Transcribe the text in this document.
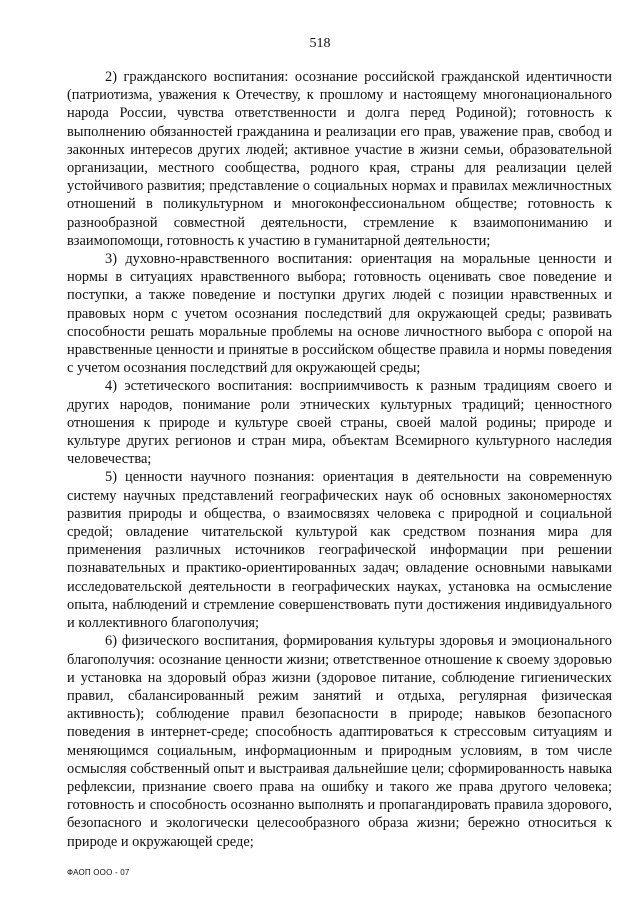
518

2) гражданского воспитания: осознание российской гражданской идентичности (патриотизма, уважения к Отечеству, к прошлому и настоящему многонационального народа России, чувства ответственности и долга перед Родиной); готовность к выполнению обязанностей гражданина и реализации его прав, уважение прав, свобод и законных интересов других людей; активное участие в жизни семьи, образовательной организации, местного сообщества, родного края, страны для реализации целей устойчивого развития; представление о социальных нормах и правилах межличностных отношений в поликультурном и многоконфессиональном обществе; готовность к разнообразной совместной деятельности, стремление к взаимопониманию и взаимопомощи, готовность к участию в гуманитарной деятельности;

3) духовно-нравственного воспитания: ориентация на моральные ценности и нормы в ситуациях нравственного выбора; готовность оценивать свое поведение и поступки, а также поведение и поступки других людей с позиции нравственных и правовых норм с учетом осознания последствий для окружающей среды; развивать способности решать моральные проблемы на основе личностного выбора с опорой на нравственные ценности и принятые в российском обществе правила и нормы поведения с учетом осознания последствий для окружающей среды;

4) эстетического воспитания: восприимчивость к разным традициям своего и других народов, понимание роли этнических культурных традиций; ценностного отношения к природе и культуре своей страны, своей малой родины; природе и культуре других регионов и стран мира, объектам Всемирного культурного наследия человечества;

5) ценности научного познания: ориентация в деятельности на современную систему научных представлений географических наук об основных закономерностях развития природы и общества, о взаимосвязях человека с природной и социальной средой; овладение читательской культурой как средством познания мира для применения различных источников географической информации при решении познавательных и практико-ориентированных задач; овладение основными навыками исследовательской деятельности в географических науках, установка на осмысление опыта, наблюдений и стремление совершенствовать пути достижения индивидуального и коллективного благополучия;

6) физического воспитания, формирования культуры здоровья и эмоционального благополучия: осознание ценности жизни; ответственное отношение к своему здоровью и установка на здоровый образ жизни (здоровое питание, соблюдение гигиенических правил, сбалансированный режим занятий и отдыха, регулярная физическая активность); соблюдение правил безопасности в природе; навыков безопасного поведения в интернет-среде; способность адаптироваться к стрессовым ситуациям и меняющимся социальным, информационным и природным условиям, в том числе осмысляя собственный опыт и выстраивая дальнейшие цели; сформированность навыка рефлексии, признание своего права на ошибку и такого же права другого человека; готовность и способность осознанно выполнять и пропагандировать правила здорового, безопасного и экологически целесообразного образа жизни; бережно относиться к природе и окружающей среде;

ФАОП ООО - 07
